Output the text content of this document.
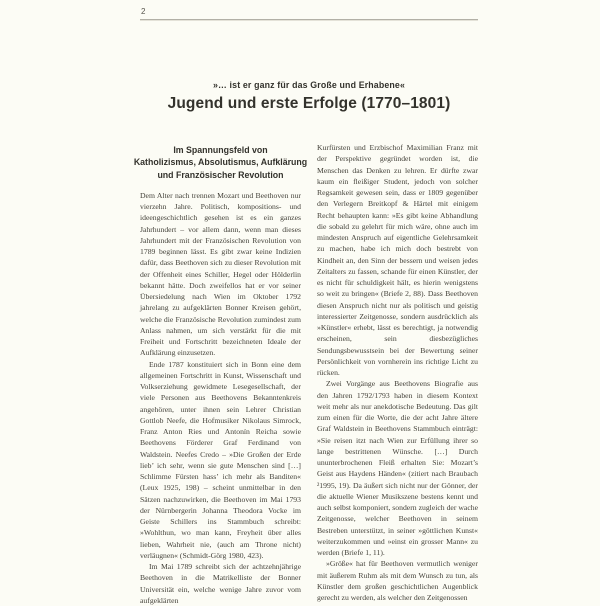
2
»… ist er ganz für das Große und Erhabene«
Jugend und erste Erfolge (1770–1801)
Im Spannungsfeld von
Katholizismus, Absolutismus, Aufklärung
und Französischer Revolution

Dem Alter nach trennen Mozart und Beethoven nur vierzehn Jahre. Politisch, kompositions- und ideengeschichtlich gesehen ist es ein ganzes Jahrhundert – vor allem dann, wenn man dieses Jahrhundert mit der Französischen Revolution von 1789 beginnen lässt. Es gibt zwar keine Indizien dafür, dass Beethoven sich zu dieser Revolution mit der Offenheit eines Schiller, Hegel oder Hölderlin bekannt hätte. Doch zweifellos hat er vor seiner Übersiedelung nach Wien im Oktober 1792 jahrelang zu aufgeklärten Bonner Kreisen gehört, welche die Französische Revolution zumindest zum Anlass nahmen, um sich verstärkt für die mit Freiheit und Fortschritt bezeichneten Ideale der Aufklärung einzusetzen.

Ende 1787 konstituiert sich in Bonn eine dem allgemeinen Fortschritt in Kunst, Wissenschaft und Volkserziehung gewidmete Lesegesellschaft, der viele Personen aus Beethovens Bekanntenkreis angehören, unter ihnen sein Lehrer Christian Gottlob Neefe, die Hofmusiker Nikolaus Simrock, Franz Anton Ries und Antonín Reicha sowie Beethovens Förderer Graf Ferdinand von Waldstein. Neefes Credo – »Die Großen der Erde lieb’ ich sehr, wenn sie gute Menschen sind […] Schlimme Fürsten hass’ ich mehr als Banditen« (Leux 1925, 198) – scheint unmittelbar in den Sätzen nachzuwirken, die Beethoven im Mai 1793 der Nürnbergerin Johanna Theodora Vocke im Geiste Schillers ins Stammbuch schreibt: »Wohlthun, wo man kann, Freyheit über alles lieben, Wahrheit nie, (auch am Throne nicht) verläugnen« (Schmidt-Görg 1980, 423).

Im Mai 1789 schreibt sich der achtzehnjährige Beethoven in die Matrikelliste der Bonner Universität ein, welche wenige Jahre zuvor vom aufgeklärten

Kurfürsten und Erzbischof Maximilian Franz mit der Perspektive gegründet worden ist, die Menschen das Denken zu lehren. Er dürfte zwar kaum ein fleißiger Student, jedoch von solcher Regsamkeit gewesen sein, dass er 1809 gegenüber den Verlegern Breitkopf & Härtel mit einigem Recht behaupten kann: »Es gibt keine Abhandlung die sobald zu gelehrt für mich wäre, ohne auch im mindesten Anspruch auf eigentliche Gelehrsamkeit zu machen, habe ich mich doch bestrebt von Kindheit an, den Sinn der bessern und weisen jedes Zeitalters zu fassen, schande für einen Künstler, der es nicht für schuldigkeit hält, es hierin wenigstens so weit zu bringen« (Briefe 2, 88). Dass Beethoven diesen Anspruch nicht nur als politisch und geistig interessierter Zeitgenosse, sondern ausdrücklich als »Künstler« erhebt, lässt es berechtigt, ja notwendig erscheinen, sein diesbezügliches Sendungsbewusstsein bei der Bewertung seiner Persönlichkeit von vornherein ins richtige Licht zu rücken.

Zwei Vorgänge aus Beethovens Biografie aus den Jahren 1792/1793 haben in diesem Kontext weit mehr als nur anekdotische Bedeutung. Das gilt zum einen für die Worte, die der acht Jahre ältere Graf Waldstein in Beethovens Stammbuch einträgt: »Sie reisen itzt nach Wien zur Erfüllung ihrer so lange bestrittenen Wünsche. […] Durch ununterbrochenen Fleiß erhalten Sie: Mozart’s Geist aus Haydens Händen« (zitiert nach Braubach ²1995, 19). Da äußert sich nicht nur der Gönner, der die aktuelle Wiener Musikszene bestens kennt und auch selbst komponiert, sondern zugleich der wache Zeitgenosse, welcher Beethoven in seinem Bestreben unterstützt, in seiner »göttlichen Kunst« weiterzukommen und »einst ein grosser Mann« zu werden (Briefe 1, 11).

»Größe« hat für Beethoven vermutlich weniger mit äußerem Ruhm als mit dem Wunsch zu tun, als Künstler dem großen geschichtlichen Augenblick gerecht zu werden, als welcher den Zeitgenossen
